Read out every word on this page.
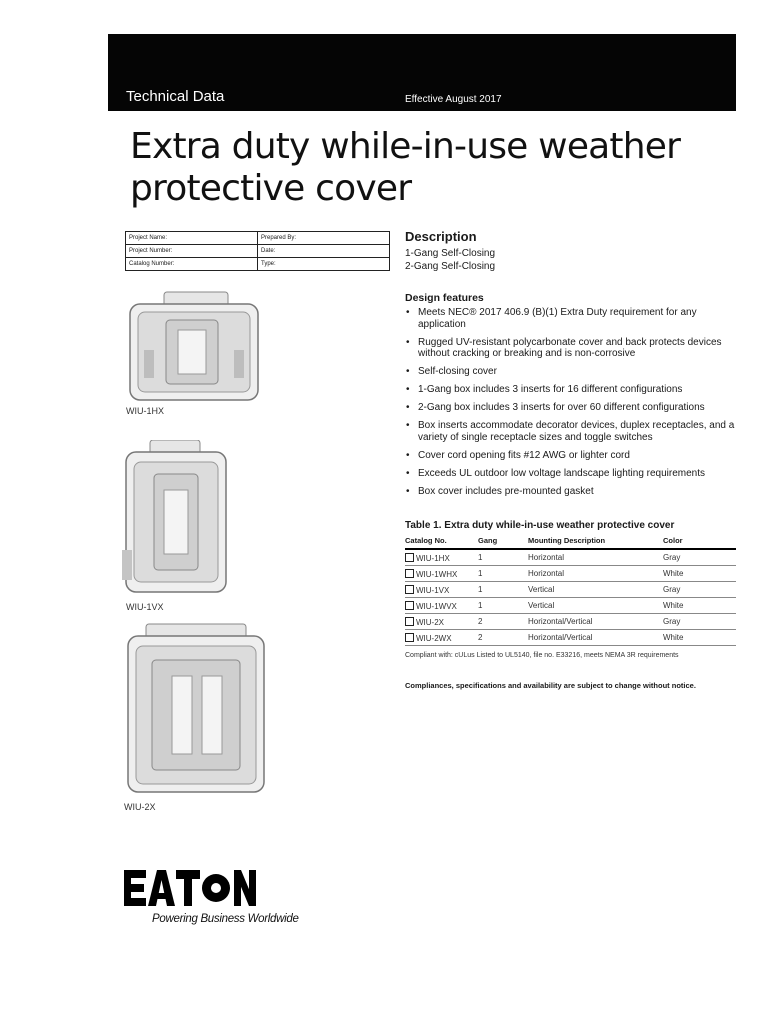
Technical Data	Effective August 2017
Extra duty while-in-use weather
protective cover
Project Name:	Prepared By:
Project Number:	Date:
Catalog Number:	Type:
WIU-1HX
WIU-1VX
WIU-2X
Description
1-Gang Self-Closing
2-Gang Self-Closing
Design features
• Meets NEC® 2017 406.9 (B)(1) Extra Duty requirement for any application
• Rugged UV-resistant polycarbonate cover and back protects devices without cracking or breaking and is non-corrosive
• Self-closing cover
• 1-Gang box includes 3 inserts for 16 different configurations
• 2-Gang box includes 3 inserts for over 60 different configurations
• Box inserts accommodate decorator devices, duplex receptacles, and a variety of single receptacle sizes and toggle switches
• Cover cord opening fits #12 AWG or lighter cord
• Exceeds UL outdoor low voltage landscape lighting requirements
• Box cover includes pre-mounted gasket
Table 1. Extra duty while-in-use weather protective cover
Catalog No.	Gang	Mounting Description	Color
WIU-1HX	1	Horizontal	Gray
WIU-1WHX	1	Horizontal	White
WIU-1VX	1	Vertical	Gray
WIU-1WVX	1	Vertical	White
WIU-2X	2	Horizontal/Vertical	Gray
WIU-2WX	2	Horizontal/Vertical	White
Compliant with: cULus Listed to UL5140, file no. E33216, meets NEMA 3R requirements
Compliances, specifications and availability are subject to change without notice.
Powering Business Worldwide
